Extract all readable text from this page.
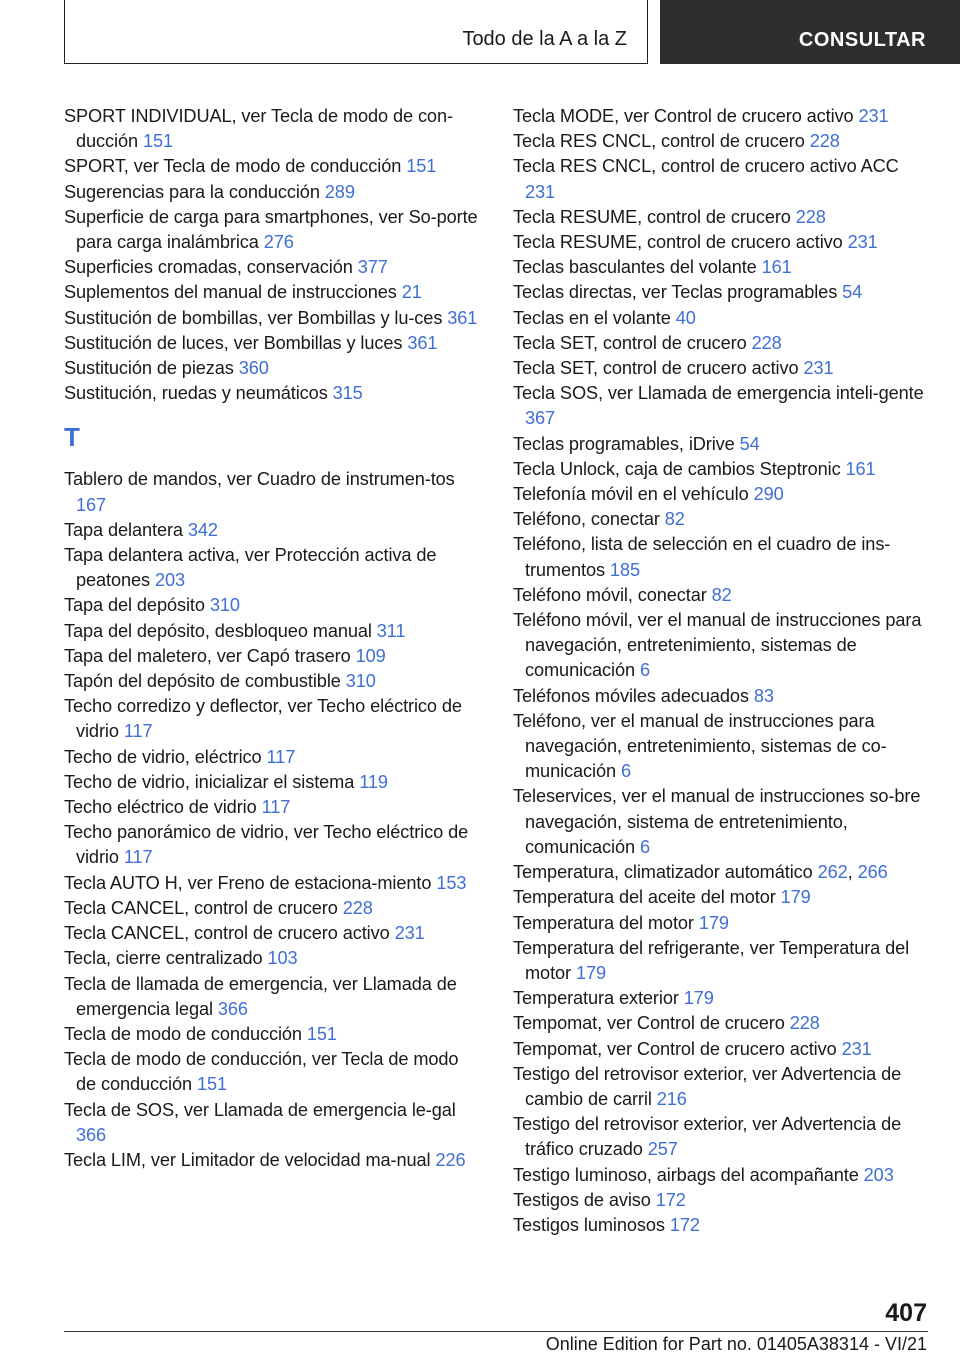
Todo de la A a la Z	CONSULTAR
SPORT INDIVIDUAL, ver Tecla de modo de con‐ducción 151
SPORT, ver Tecla de modo de conducción 151
Sugerencias para la conducción 289
Superficie de carga para smartphones, ver So‐porte para carga inalámbrica 276
Superficies cromadas, conservación 377
Suplementos del manual de instrucciones 21
Sustitución de bombillas, ver Bombillas y lu‐ces 361
Sustitución de luces, ver Bombillas y luces 361
Sustitución de piezas 360
Sustitución, ruedas y neumáticos 315
T
Tablero de mandos, ver Cuadro de instrumen‐tos 167
Tapa delantera 342
Tapa delantera activa, ver Protección activa de peatones 203
Tapa del depósito 310
Tapa del depósito, desbloqueo manual 311
Tapa del maletero, ver Capó trasero 109
Tapón del depósito de combustible 310
Techo corredizo y deflector, ver Techo eléctrico de vidrio 117
Techo de vidrio, eléctrico 117
Techo de vidrio, inicializar el sistema 119
Techo eléctrico de vidrio 117
Techo panorámico de vidrio, ver Techo eléctrico de vidrio 117
Tecla AUTO H, ver Freno de estaciona‐miento 153
Tecla CANCEL, control de crucero 228
Tecla CANCEL, control de crucero activo 231
Tecla, cierre centralizado 103
Tecla de llamada de emergencia, ver Llamada de emergencia legal 366
Tecla de modo de conducción 151
Tecla de modo de conducción, ver Tecla de modo de conducción 151
Tecla de SOS, ver Llamada de emergencia le‐gal 366
Tecla LIM, ver Limitador de velocidad ma‐nual 226
Tecla MODE, ver Control de crucero activo 231
Tecla RES CNCL, control de crucero 228
Tecla RES CNCL, control de crucero activo ACC 231
Tecla RESUME, control de crucero 228
Tecla RESUME, control de crucero activo 231
Teclas basculantes del volante 161
Teclas directas, ver Teclas programables 54
Teclas en el volante 40
Tecla SET, control de crucero 228
Tecla SET, control de crucero activo 231
Tecla SOS, ver Llamada de emergencia inteli‐gente 367
Teclas programables, iDrive 54
Tecla Unlock, caja de cambios Steptronic 161
Telefonía móvil en el vehículo 290
Teléfono, conectar 82
Teléfono, lista de selección en el cuadro de ins‐trumentos 185
Teléfono móvil, conectar 82
Teléfono móvil, ver el manual de instrucciones para navegación, entretenimiento, sistemas de comunicación 6
Teléfonos móviles adecuados 83
Teléfono, ver el manual de instrucciones para navegación, entretenimiento, sistemas de co‐municación 6
Teleservices, ver el manual de instrucciones so‐bre navegación, sistema de entretenimiento, comunicación 6
Temperatura, climatizador automático 262, 266
Temperatura del aceite del motor 179
Temperatura del motor 179
Temperatura del refrigerante, ver Temperatura del motor 179
Temperatura exterior 179
Tempomat, ver Control de crucero 228
Tempomat, ver Control de crucero activo 231
Testigo del retrovisor exterior, ver Advertencia de cambio de carril 216
Testigo del retrovisor exterior, ver Advertencia de tráfico cruzado 257
Testigo luminoso, airbags del acompañante 203
Testigos de aviso 172
Testigos luminosos 172
407
Online Edition for Part no. 01405A38314 - VI/21
